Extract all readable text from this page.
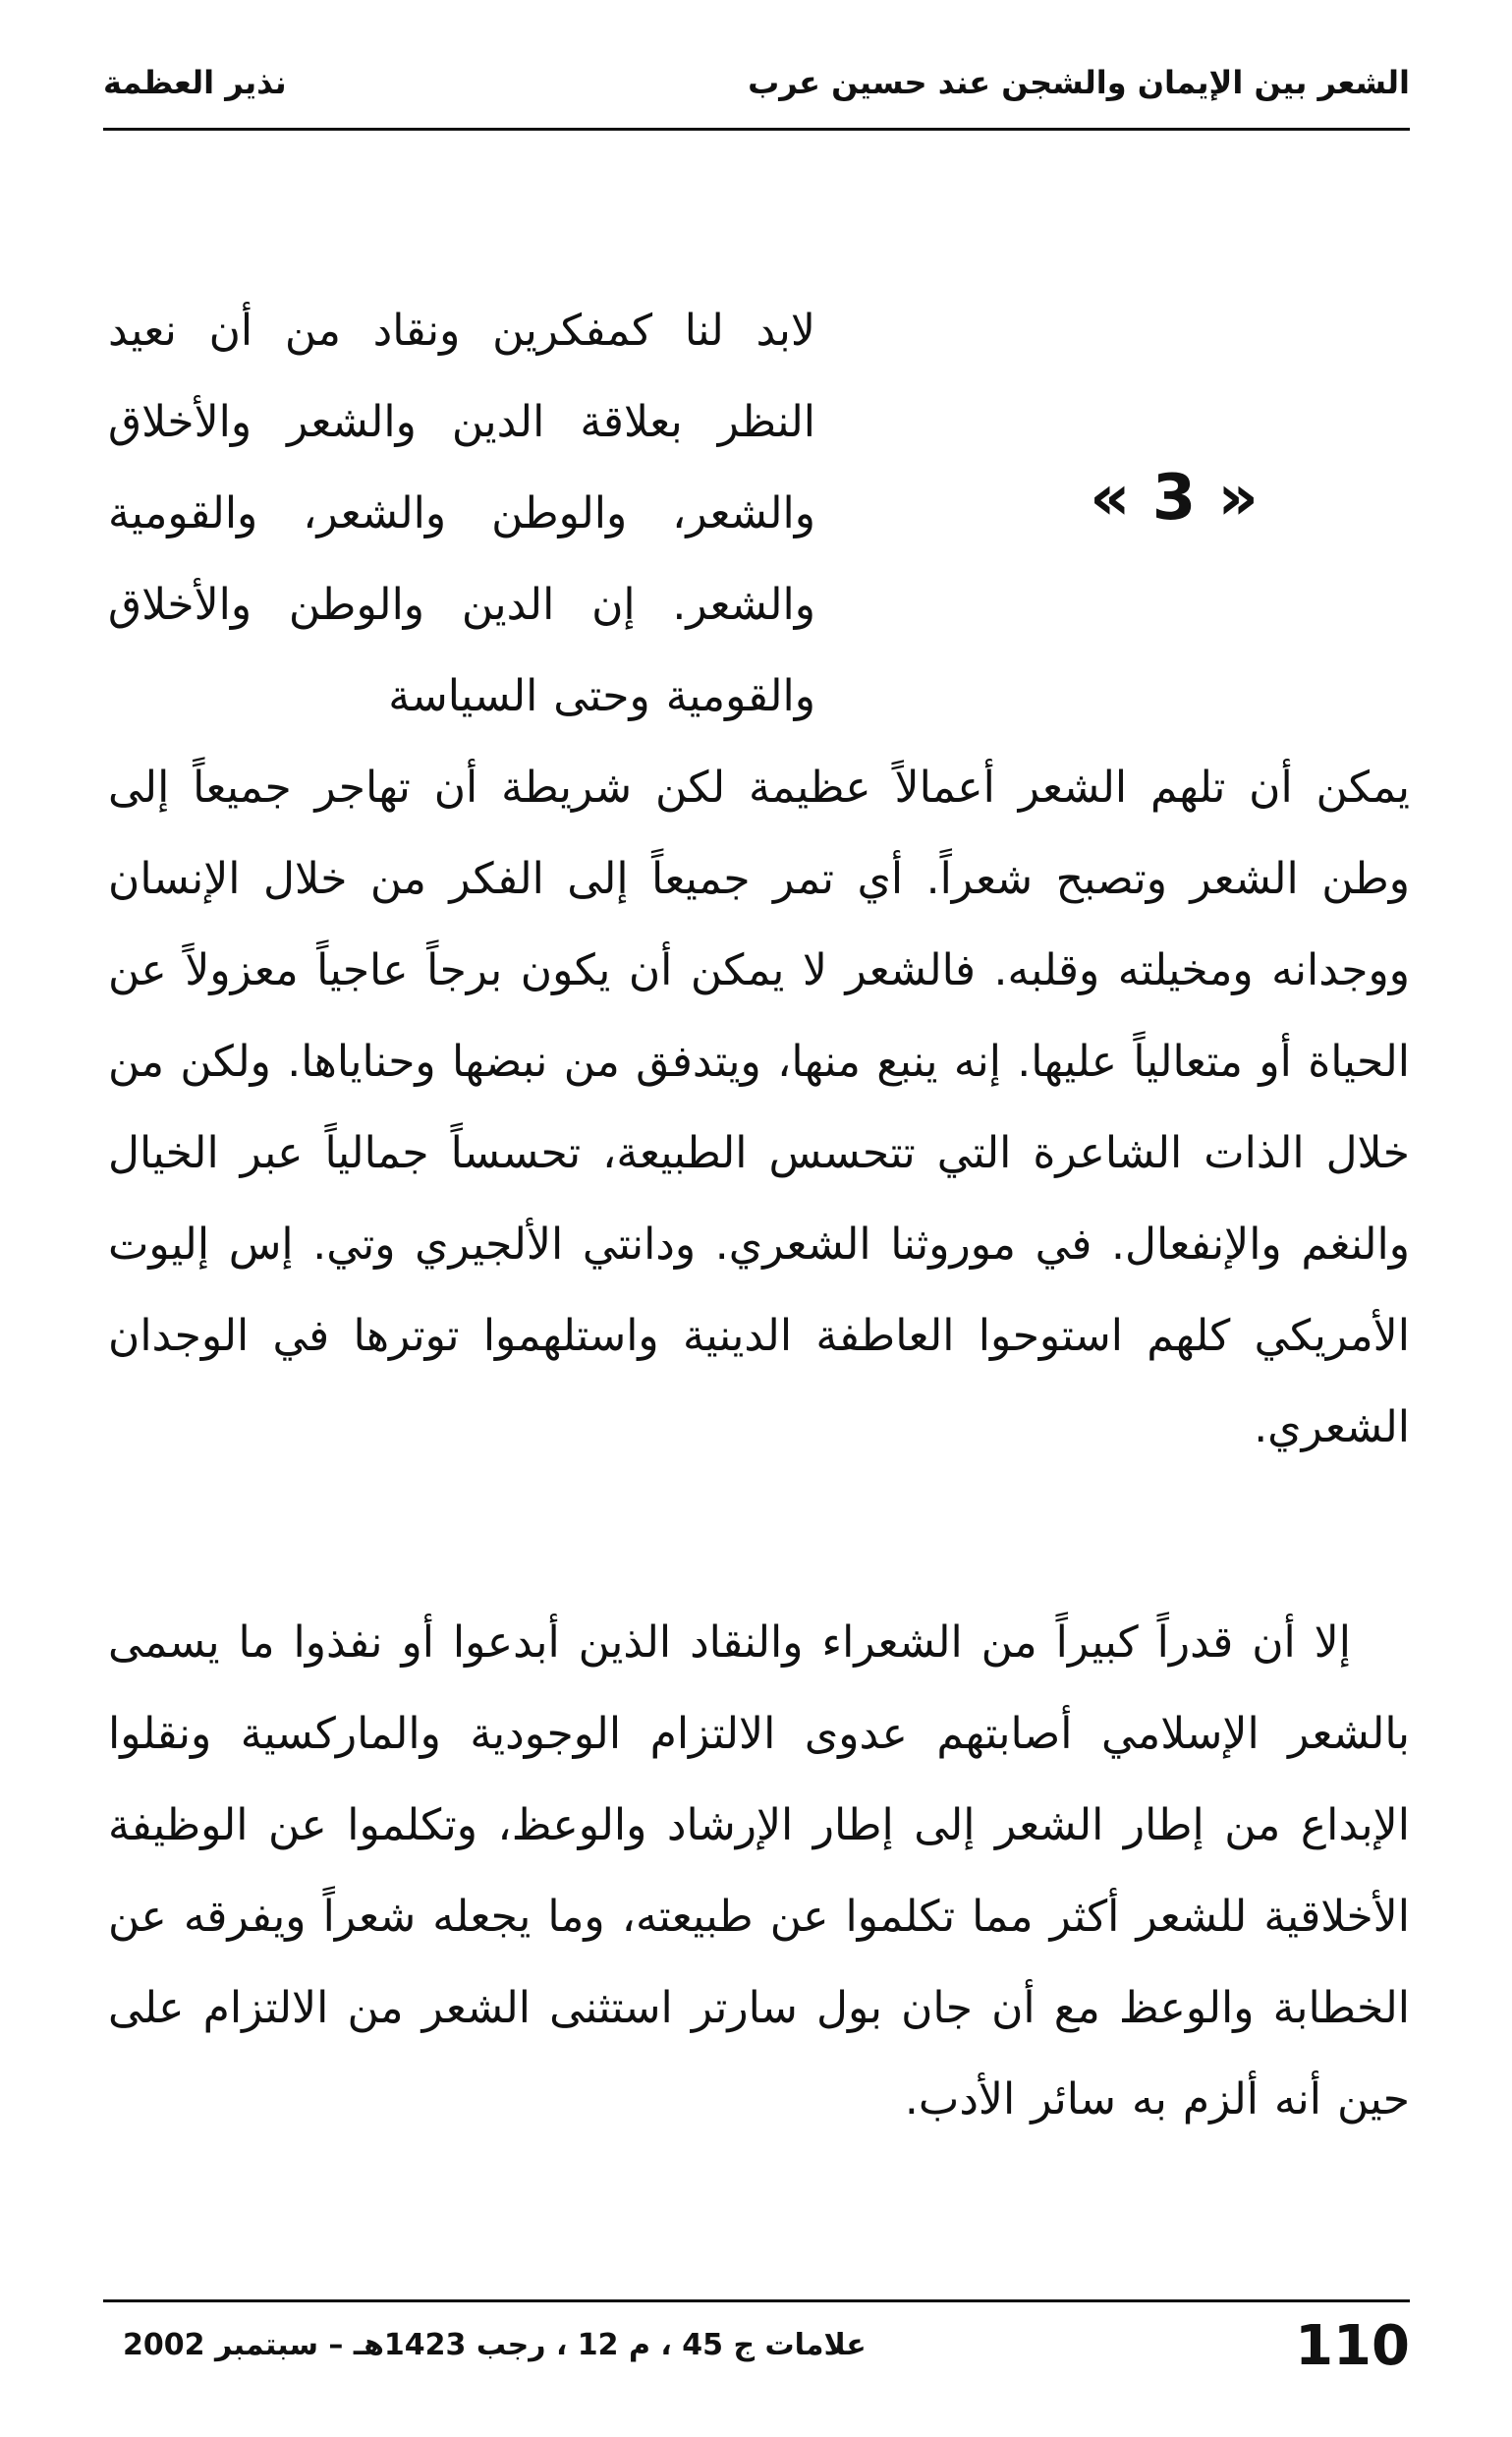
الشعر بين الإيمان والشجن عند حسين عرب
نذير العظمة
« 3 »

لابد لنا كمفكرين ونقاد من أن نعيد النظر بعلاقة الدين والشعر والأخلاق والشعر، والوطن والشعر، والقومية والشعر. إن الدين والوطن والأخلاق والقومية وحتى السياسة

يمكن أن تلهم الشعر أعمالاً عظيمة لكن شريطة أن تهاجر جميعاً إلى وطن الشعر وتصبح شعراً. أي تمر جميعاً إلى الفكر من خلال الإنسان ووجدانه ومخيلته وقلبه. فالشعر لا يمكن أن يكون برجاً عاجياً معزولاً عن الحياة أو متعالياً عليها. إنه ينبع منها، ويتدفق من نبضها وحناياها. ولكن من خلال الذات الشاعرة التي تتحسس الطبيعة، تحسساً جمالياً عبر الخيال والنغم والإنفعال. في موروثنا الشعري. ودانتي الألجيري وتي. إس إليوت الأمريكي كلهم استوحوا العاطفة الدينية واستلهموا توترها في الوجدان الشعري.

إلا أن قدراً كبيراً من الشعراء والنقاد الذين أبدعوا أو نفذوا ما يسمى بالشعر الإسلامي أصابتهم عدوى الالتزام الوجودية والماركسية ونقلوا الإبداع من إطار الشعر إلى إطار الإرشاد والوعظ، وتكلموا عن الوظيفة الأخلاقية للشعر أكثر مما تكلموا عن طبيعته، وما يجعله شعراً ويفرقه عن الخطابة والوعظ مع أن جان بول سارتر استثنى الشعر من الالتزام على حين أنه ألزم به سائر الأدب.

110
علامات ج 45 ، م 12 ، رجب 1423هـ – سبتمبر 2002
